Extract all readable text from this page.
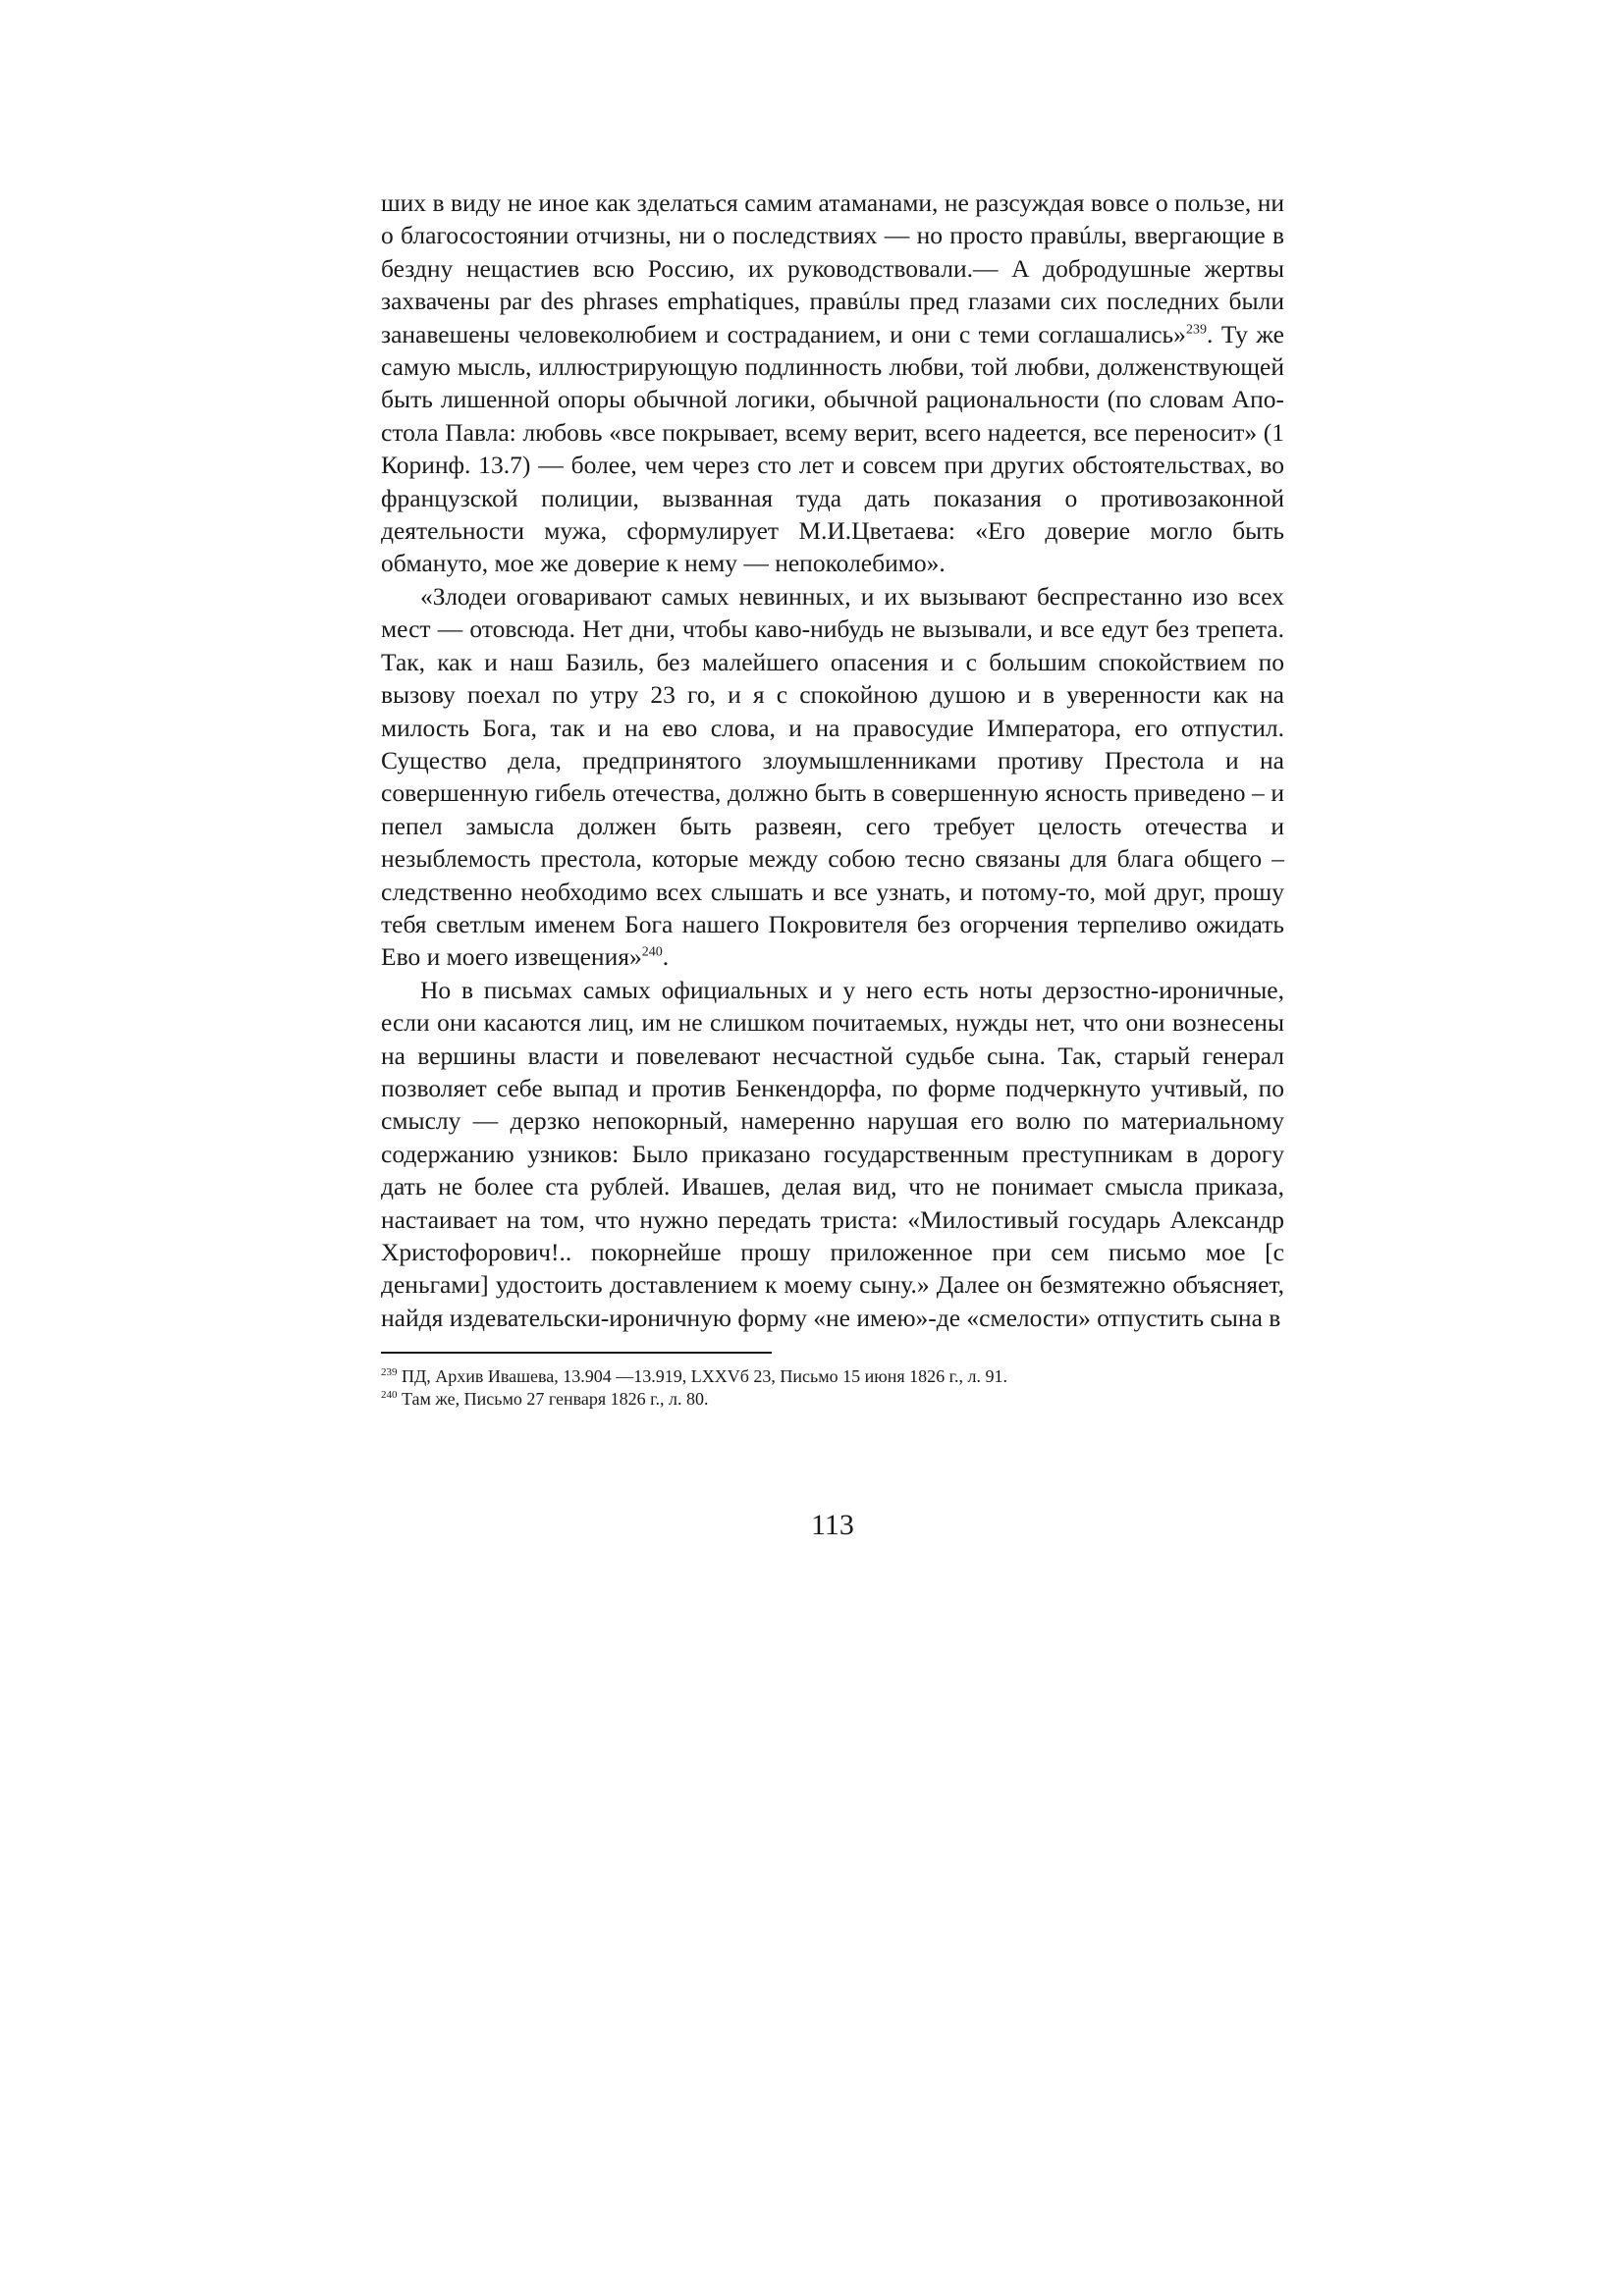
ших в виду не иное как зделаться самим атаманами, не разсуждая вовсе о пользе, ни о благосостоянии отчизны, ни о последствиях — но просто правúлы, ввергающие в бездну нещастиев всю Россию, их руководствовали.— А добродушные жертвы захвачены par des phrases emphatiques, правúлы пред глазами сих последних были занавешены человеколюбием и состраданием, и они с теми соглашались»$^{239}$. Ту же самую мысль, иллюстрирующую подлинность любви, той любви, долженствующей быть лишенной опоры обычной логики, обычной рациональности (по словам Апостола Павла: любовь «все покрывает, всему верит, всего надеется, все переносит» (1 Коринф. 13.7) — более, чем через сто лет и совсем при других обстоятельствах, во французской полиции, вызванная туда дать показания о противозаконной деятельности мужа, сформулирует М.И.Цветаева: «Его доверие могло быть обмануто, мое же доверие к нему — непоколебимо».

«Злодеи оговаривают самых невинных, и их вызывают беспрестанно изо всех мест — отовсюда. Нет дни, чтобы каво-нибудь не вызывали, и все едут без трепета. Так, как и наш Базиль, без малейшего опасения и с большим спокойствием по вызову поехал по утру 23 го, и я с спокойною душою и в уверенности как на милость Бога, так и на ево слова, и на правосудие Императора, его отпустил. Существо дела, предпринятого злоумышленниками противу Престола и на совершенную гибель отечества, должно быть в совершенную ясность приведено – и пепел замысла должен быть развеян, сего требует целость отечества и незыблемость престола, которые между собою тесно связаны для блага общего – следственно необходимо всех слышать и все узнать, и потому-то, мой друг, прошу тебя светлым именем Бога нашего Покровителя без огорчения терпеливо ожидать Ево и моего извещения»$^{240}$.

Но в письмах самых официальных и у него есть ноты дерзостно-ироничные, если они касаются лиц, им не слишком почитаемых, нужды нет, что они вознесены на вершины власти и повелевают несчастной судьбе сына. Так, старый генерал позволяет себе выпад и против Бенкендорфа, по форме подчеркнуто учтивый, по смыслу — дерзко непокорный, намеренно нарушая его волю по материальному содержанию узников: Было приказано государственным преступникам в дорогу дать не более ста рублей. Ивашев, делая вид, что не понимает смысла приказа, настаивает на том, что нужно передать триста: «Милостивый государь Александр Христофорович!.. покорнейше прошу приложенное при сем письмо мое [с деньгами] удостоить доставлением к моему сыну.» Далее он безмятежно объясняет, найдя издевательски-ироничную форму «не имею»-де «смелости» отпустить сына в

$^{239}$ ПД, Архив Ивашева, 13.904 —13.919, LXXVб 23, Письмо 15 июня 1826 г., л. 91.

$^{240}$ Там же, Письмо 27 генваря 1826 г., л. 80.

113
